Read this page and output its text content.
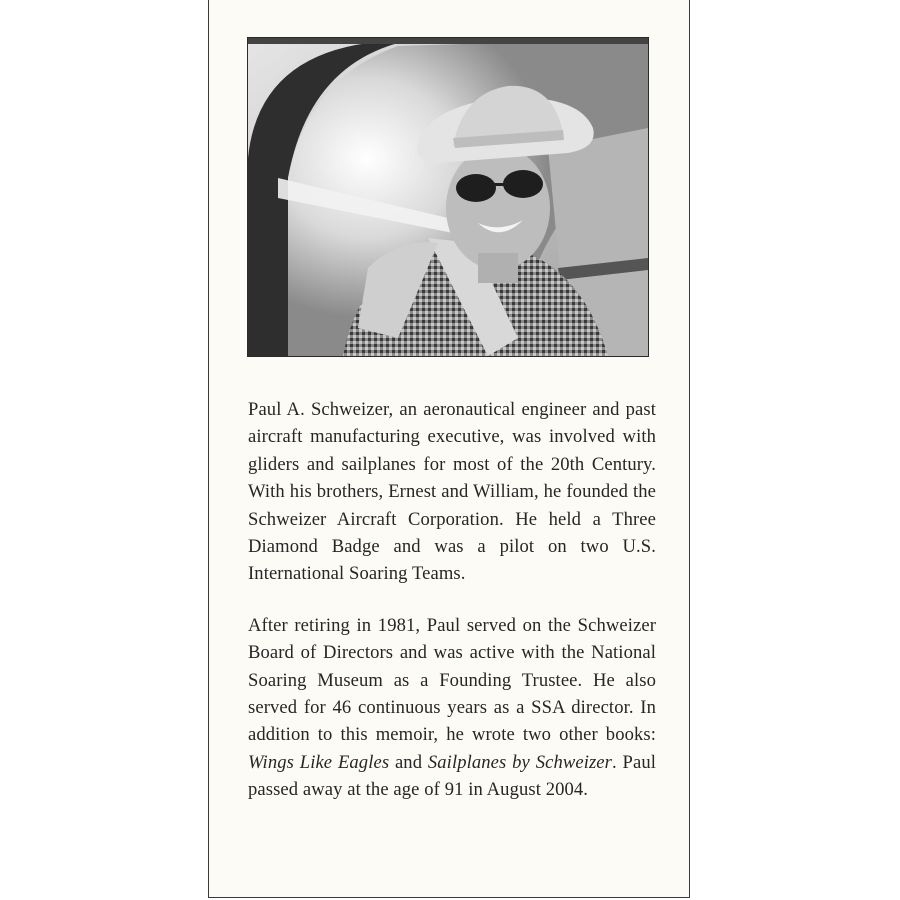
Paul A. Schweizer, an aeronautical engineer and past aircraft manufacturing executive, was involved with gliders and sailplanes for most of the 20th Century. With his brothers, Ernest and William, he founded the Schweizer Aircraft Corporation. He held a Three Diamond Badge and was a pilot on two U.S. International Soaring Teams.

After retiring in 1981, Paul served on the Schweizer Board of Directors and was active with the National Soaring Museum as a Founding Trustee. He also served for 46 continuous years as a SSA director. In addition to this memoir, he wrote two other books: Wings Like Eagles and Sailplanes by Schweizer. Paul passed away at the age of 91 in August 2004.
